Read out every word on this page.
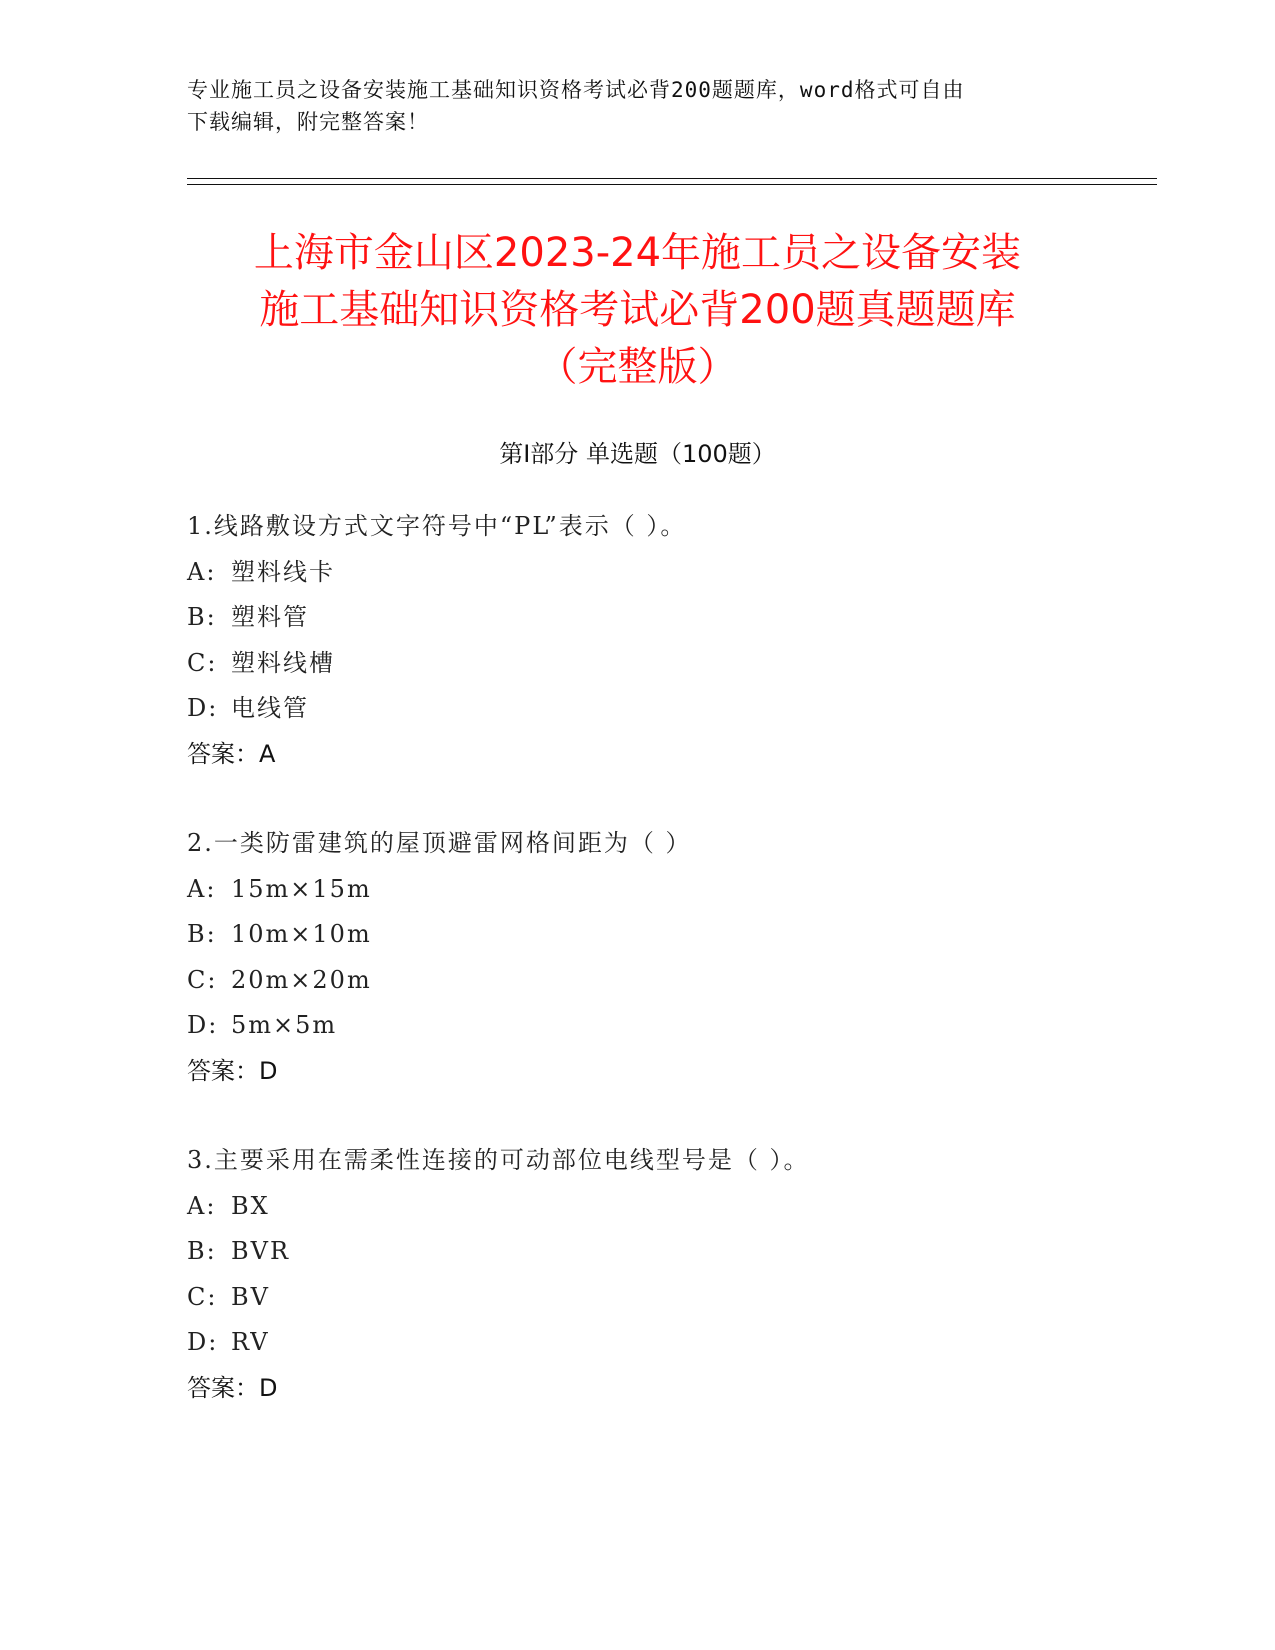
专业施工员之设备安装施工基础知识资格考试必背200题题库，word格式可自由
下载编辑，附完整答案！
上海市金山区2023-24年施工员之设备安装
施工基础知识资格考试必背200题真题题库
（完整版）
第Ⅰ部分 单选题（100题）
1.线路敷设方式文字符号中“PL”表示（ ）。
A: 塑料线卡
B: 塑料管
C: 塑料线槽
D: 电线管
答案：A
2.一类防雷建筑的屋顶避雷网格间距为（ ）
A: 15m×15m
B: 10m×10m
C: 20m×20m
D: 5m×5m
答案：D
3.主要采用在需柔性连接的可动部位电线型号是（ ）。
A: BX
B: BVR
C: BV
D: RV
答案：D
